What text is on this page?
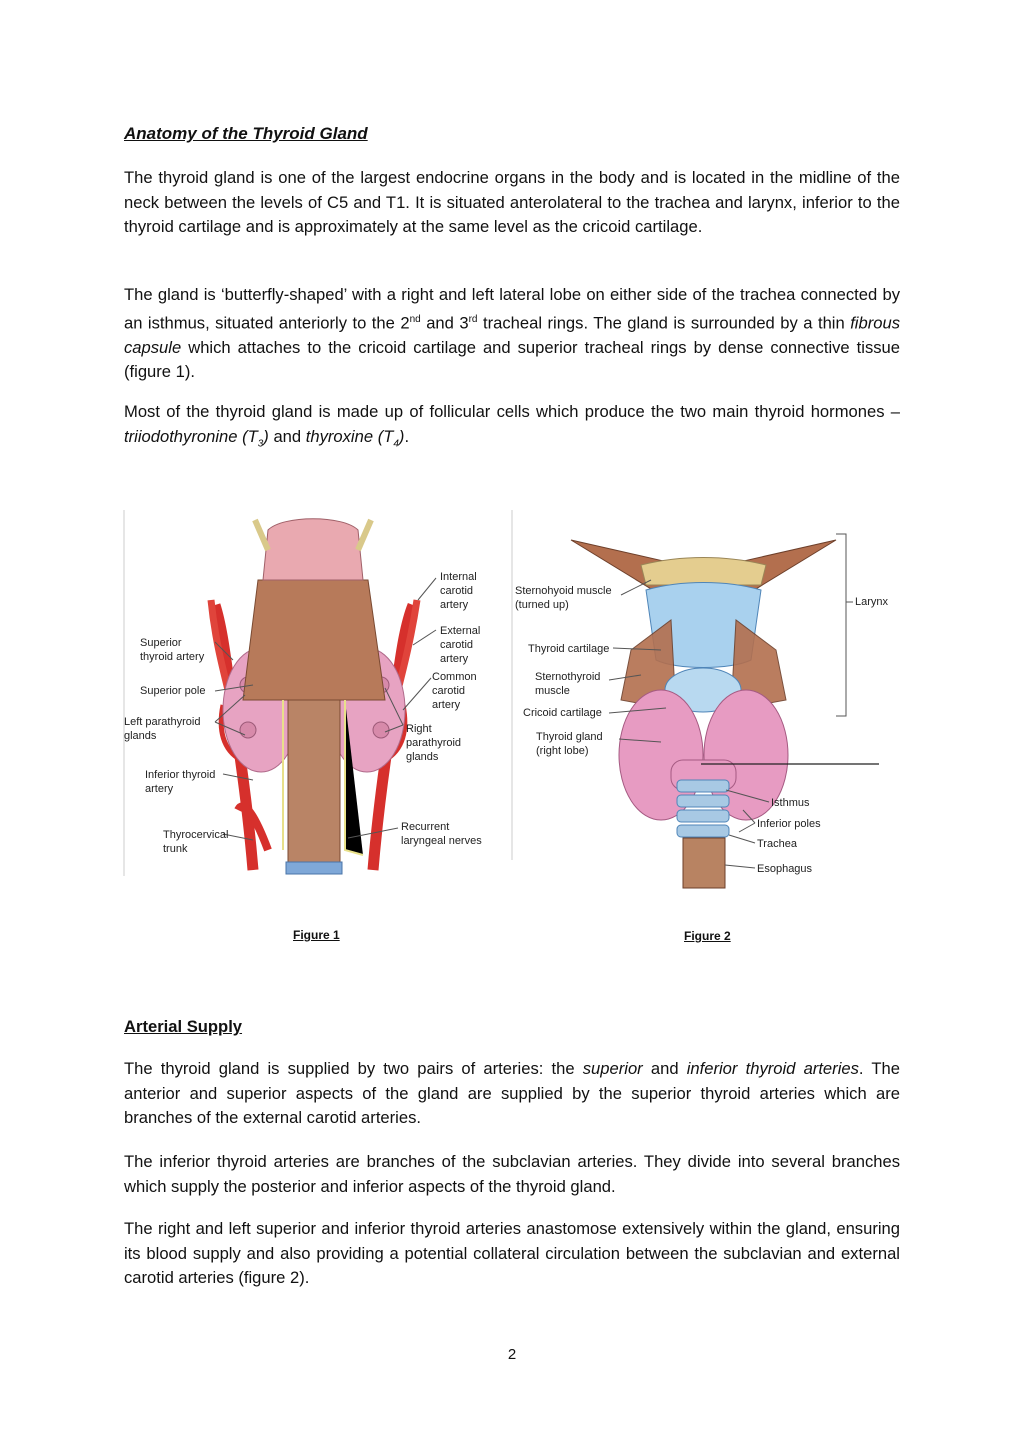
Anatomy of the Thyroid Gland

The thyroid gland is one of the largest endocrine organs in the body and is located in the midline of the neck between the levels of C5 and T1. It is situated anterolateral to the trachea and larynx, inferior to the thyroid cartilage and is approximately at the same level as the cricoid cartilage.

The gland is ‘butterfly-shaped’ with a right and left lateral lobe on either side of the trachea connected by an isthmus, situated anteriorly to the 2nd and 3rd tracheal rings. The gland is surrounded by a thin fibrous capsule which attaches to the cricoid cartilage and superior tracheal rings by dense connective tissue (figure 1).

Most of the thyroid gland is made up of follicular cells which produce the two main thyroid hormones – triiodothyronine $(T_3)$ and thyroxine $(T_4)$.

Internal
carotid
artery
External
carotid
artery
Common
carotid
artery
Superior
thyroid artery
Superior pole
Left parathyroid
glands
Right
parathyroid
glands
Inferior thyroid
artery
Thyrocervical
trunk
Recurrent
laryngeal nerves
Sternohyoid muscle
(turned up)	Larynx
Thyroid cartilage
Sternothyroid
muscle
Cricoid cartilage
Thyroid gland
(right lobe)
Isthmus
Inferior poles
Trachea
Esophagus
Figure 1	Figure 2
Arterial Supply

The thyroid gland is supplied by two pairs of arteries: the superior and inferior thyroid arteries. The anterior and superior aspects of the gland are supplied by the superior thyroid arteries which are branches of the external carotid arteries.

The inferior thyroid arteries are branches of the subclavian arteries. They divide into several branches which supply the posterior and inferior aspects of the thyroid gland.

The right and left superior and inferior thyroid arteries anastomose extensively within the gland, ensuring its blood supply and also providing a potential collateral circulation between the subclavian and external carotid arteries (figure 2).

2
